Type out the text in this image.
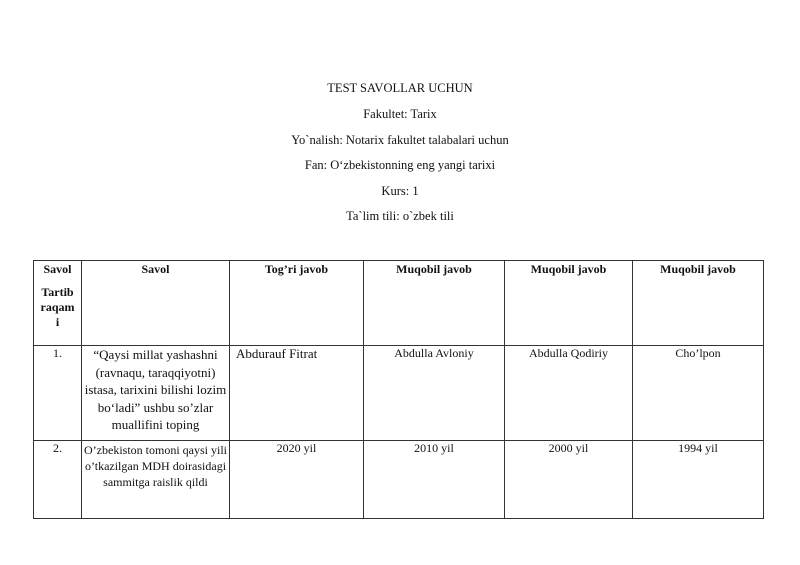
TEST SAVOLLAR UCHUN
Fakultet: Tarix
Yo`nalish: Notarix fakultet talabalari uchun
Fan: O‘zbekistonning eng yangi tarixi
Kurs: 1
Ta`lim tili: o`zbek tili
Savol
Tartib
raqam
i	Savol	Tog’ri javob	Muqobil javob	Muqobil javob	Muqobil javob
1.	“Qaysi millat yashashni (ravnaqu, taraqqiyotni) istasa, tarixini bilishi lozim bo‘ladi” ushbu so’zlar muallifini toping	Abdurauf Fitrat	Abdulla Avloniy	Abdulla Qodiriy	Cho’lpon
2.	O’zbekiston tomoni qaysi yili o’tkazilgan MDH doirasidagi sammitga raislik qildi	2020 yil	2010 yil	2000 yil	1994 yil
